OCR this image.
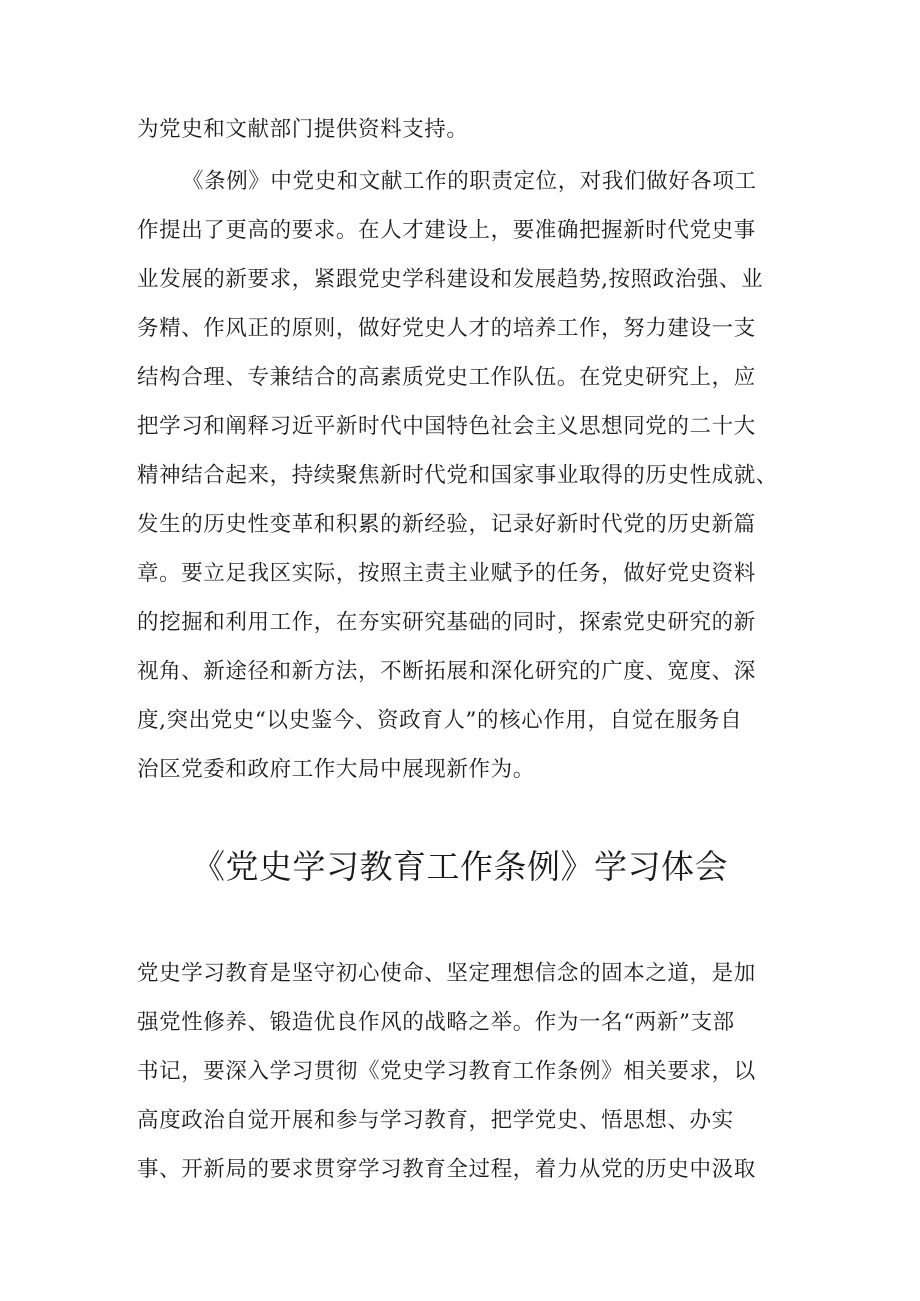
为党史和文献部门提供资料支持。
《条例》中党史和文献工作的职责定位，对我们做好各项工
作提出了更高的要求。在人才建设上，要准确把握新时代党史事
业发展的新要求，紧跟党史学科建设和发展趋势,按照政治强、业
务精、作风正的原则，做好党史人才的培养工作，努力建设一支
结构合理、专兼结合的高素质党史工作队伍。在党史研究上，应
把学习和阐释习近平新时代中国特色社会主义思想同党的二十大
精神结合起来，持续聚焦新时代党和国家事业取得的历史性成就、
发生的历史性变革和积累的新经验，记录好新时代党的历史新篇
章。要立足我区实际，按照主责主业赋予的任务，做好党史资料
的挖掘和利用工作，在夯实研究基础的同时，探索党史研究的新
视角、新途径和新方法，不断拓展和深化研究的广度、宽度、深
度,突出党史“以史鉴今、资政育人”的核心作用，自觉在服务自
治区党委和政府工作大局中展现新作为。
《党史学习教育工作条例》学习体会
党史学习教育是坚守初心使命、坚定理想信念的固本之道，是加
强党性修养、锻造优良作风的战略之举。作为一名“两新”支部
书记，要深入学习贯彻《党史学习教育工作条例》相关要求，以
高度政治自觉开展和参与学习教育，把学党史、悟思想、办实
事、开新局的要求贯穿学习教育全过程，着力从党的历史中汲取
